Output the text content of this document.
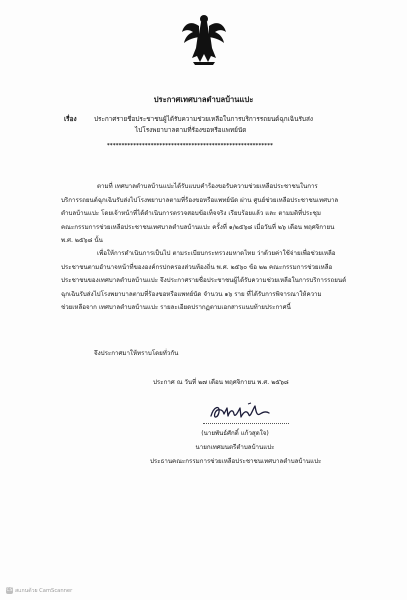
ประกาศเทศบาลตำบลบ้านแปะ
เรื่อง	ประกาศรายชื่อประชาชนผู้ได้รับความช่วยเหลือในการบริการรถยนต์ฉุกเฉินรับส่ง
ไปโรงพยาบาลตามที่ร้องขอหรือแพทย์นัด
*********************************************************
ตามที่ เทศบาลตำบลบ้านแปะได้รับแบบคำร้องขอรับความช่วยเหลือประชาชนในการ
บริการรถยนต์ฉุกเฉินรับส่งไปโรงพยาบาลตามที่ร้องขอหรือแพทย์นัด ผ่าน ศูนย์ช่วยเหลือประชาชนเทศบาล
ตำบลบ้านแปะ โดยเจ้าหน้าที่ได้ดำเนินการตรวจสอบข้อเท็จจริง เรียบร้อยแล้ว และ ตามมติที่ประชุม
คณะกรรมการช่วยเหลือประชาชนเทศบาลตำบลบ้านแปะ ครั้งที่ ๑/๒๕๖๘ เมื่อวันที่ ๒๖ เดือน พฤศจิกายน
พ.ศ. ๒๕๖๘ นั้น
เพื่อให้การดำเนินการเป็นไป ตามระเบียบกระทรวงมหาดไทย ว่าด้วยค่าใช้จ่ายเพื่อช่วยเหลือ
ประชาชนตามอำนาจหน้าที่ขององค์กรปกครองส่วนท้องถิ่น พ.ศ. ๒๕๖๐ ข้อ ๒๒ คณะกรรมการช่วยเหลือ
ประชาชนของเทศบาลตำบลบ้านแปะ จึงประกาศรายชื่อประชาชนผู้ได้รับความช่วยเหลือในการบริการรถยนต์
ฉุกเฉินรับส่งไปโรงพยาบาลตามที่ร้องขอหรือแพทย์นัด จำนวน ๑๖ ราย ที่ได้รับการพิจารณาให้ความ
ช่วยเหลือจาก เทศบาลตำบลบ้านแปะ รายละเอียดปรากฏตามเอกสารแนบท้ายประกาศนี้
จึงประกาศมาให้ทราบโดยทั่วกัน
ประกาศ ณ วันที่ ๒๗ เดือน พฤศจิกายน พ.ศ. ๒๕๖๘
(นายพันธ์ศักดิ์ แก้วสุดใจ)
นายกเทศมนตรีตำบลบ้านแปะ
ประธานคณะกรรมการช่วยเหลือประชาชนเทศบาลตำบลบ้านแปะ
CS สแกนด้วย CamScanner
